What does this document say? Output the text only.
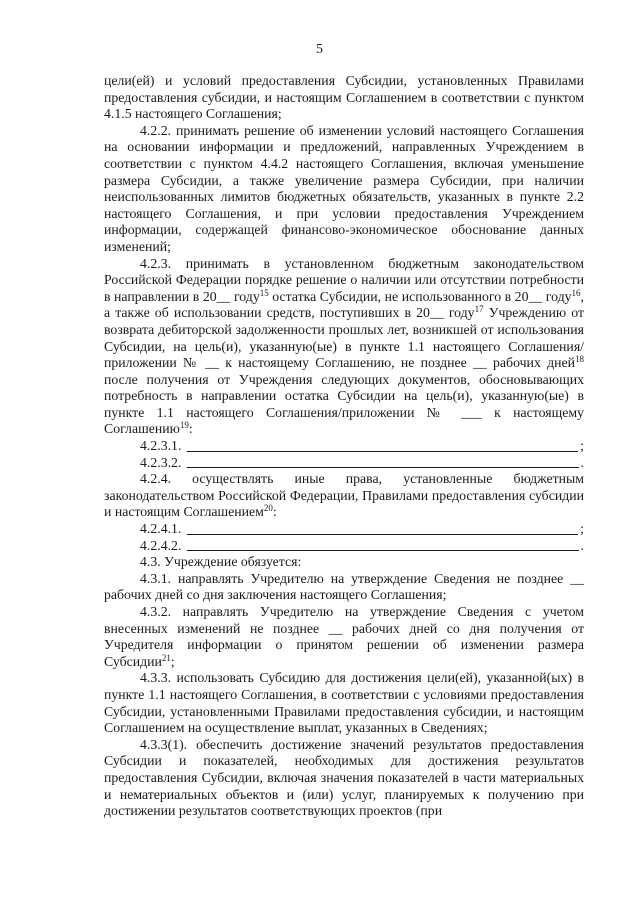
5

цели(ей) и условий предоставления Субсидии, установленных Правилами предоставления субсидии, и настоящим Соглашением в соответствии с пунктом 4.1.5 настоящего Соглашения;

4.2.2. принимать решение об изменении условий настоящего Соглашения на основании информации и предложений, направленных Учреждением в соответствии с пунктом 4.4.2 настоящего Соглашения, включая уменьшение размера Субсидии, а также увеличение размера Субсидии, при наличии неиспользованных лимитов бюджетных обязательств, указанных в пункте 2.2 настоящего Соглашения, и при условии предоставления Учреждением информации, содержащей финансово-экономическое обоснование данных изменений;

4.2.3. принимать в установленном бюджетным законодательством Российской Федерации порядке решение о наличии или отсутствии потребности в направлении в 20__ году$^{15}$ остатка Субсидии, не использованного в 20__ году$^{16}$, а также об использовании средств, поступивших в 20__ году$^{17}$ Учреждению от возврата дебиторской задолженности прошлых лет, возникшей от использования Субсидии, на цель(и), указанную(ые) в пункте 1.1 настоящего Соглашения/приложении № __ к настоящему Соглашению, не позднее __ рабочих дней$^{18}$ после получения от Учреждения следующих документов, обосновывающих потребность в направлении остатка Субсидии на цель(и), указанную(ые) в пункте 1.1 настоящего Соглашения/приложении № ___ к настоящему Соглашению$^{19}$:

4.2.3.1.	;
4.2.3.2.	.

4.2.4. осуществлять иные права, установленные бюджетным законодательством Российской Федерации, Правилами предоставления субсидии и настоящим Соглашением$^{20}$:

4.2.4.1.	;
4.2.4.2.	.

4.3. Учреждение обязуется:

4.3.1. направлять Учредителю на утверждение Сведения не позднее __ рабочих дней со дня заключения настоящего Соглашения;

4.3.2. направлять Учредителю на утверждение Сведения с учетом внесенных изменений не позднее __ рабочих дней со дня получения от Учредителя информации о принятом решении об изменении размера Субсидии$^{21}$;

4.3.3. использовать Субсидию для достижения цели(ей), указанной(ых) в пункте 1.1 настоящего Соглашения, в соответствии с условиями предоставления Субсидии, установленными Правилами предоставления субсидии, и настоящим Соглашением на осуществление выплат, указанных в Сведениях;

4.3.3(1). обеспечить достижение значений результатов предоставления Субсидии и показателей, необходимых для достижения результатов предоставления Субсидии, включая значения показателей в части материальных и нематериальных объектов и (или) услуг, планируемых к получению при достижении результатов соответствующих проектов (при
